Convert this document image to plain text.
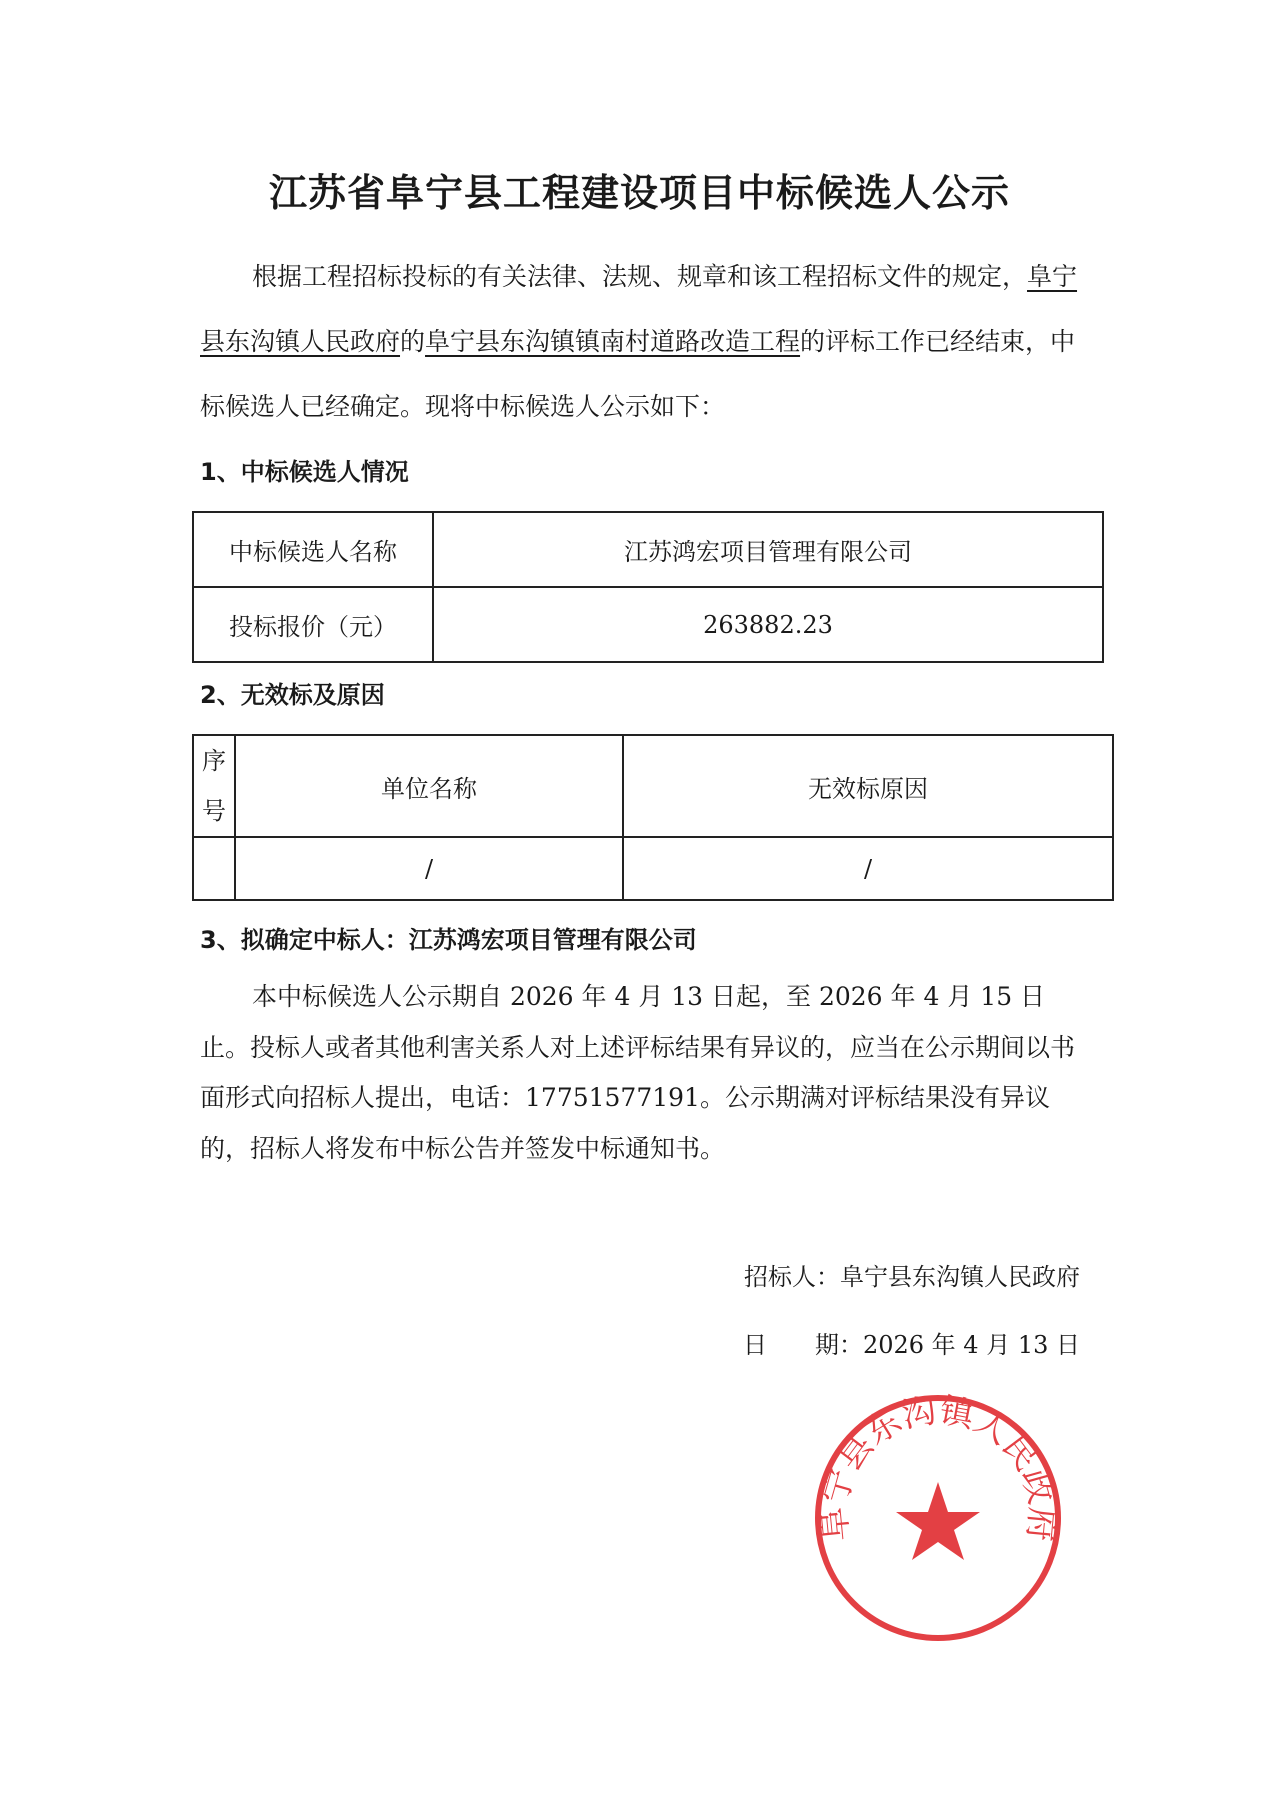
江苏省阜宁县工程建设项目中标候选人公示
根据工程招标投标的有关法律、法规、规章和该工程招标文件的规定，阜宁县东沟镇人民政府的阜宁县东沟镇镇南村道路改造工程的评标工作已经结束，中标候选人已经确定。现将中标候选人公示如下：
1、中标候选人情况
中标候选人名称	江苏鸿宏项目管理有限公司
投标报价（元）	263882.23
2、无效标及原因
序
号	单位名称	无效标原因
	/	/
3、拟确定中标人：江苏鸿宏项目管理有限公司
本中标候选人公示期自 2026 年 4 月 13 日起，至 2026 年 4 月 15 日止。投标人或者其他利害关系人对上述评标结果有异议的，应当在公示期间以书面形式向招标人提出，电话：17751577191。公示期满对评标结果没有异议的，招标人将发布中标公告并签发中标通知书。
招标人：阜宁县东沟镇人民政府
日　　期：2026 年 4 月 13 日
阜宁县东沟镇人民政府
